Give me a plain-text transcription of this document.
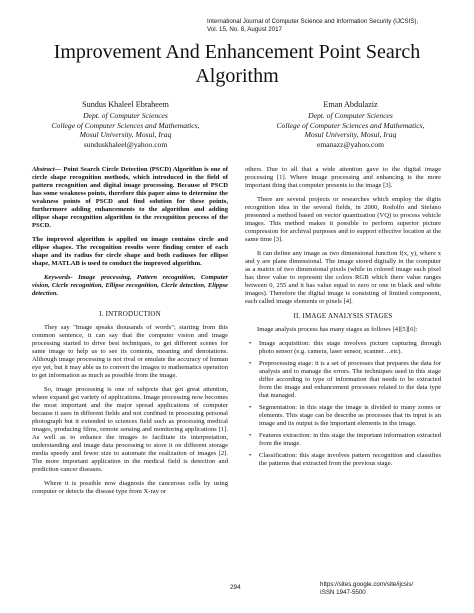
International Journal of Computer Science and Information Security (IJCSIS),
Vol. 15, No. 8, August 2017
Improvement And Enhancement Point Search
Algorithm
Sundus Khaleel Ebraheem
Dept. of Computer Sciences
College of Computer Sciences and Mathematics,
Mosul University, Mosul, Iraq
sunduskhaleel@yahoo.com
Eman Abdulaziz
Dept. of Computer Sciences
College of Computer Sciences and Mathematics,
Mosul University, Mosul, Iraq
emanazz@yahoo.com

Abstract— Point Search Circle Detection (PSCD) Algorithm is one of circle shape recognition methods, which introduced in the field of pattern recognition and digital image processing. Because of PSCD has some weakness points, therefore this paper aims to determine the weakness points of PSCD and find solution for these points, furthermore adding enhancements to the algorithm and adding ellipse shape recognition algorithm to the recognition process of the PSCD.

The improved algorithm is applied on image contains circle and ellipse shapes. The recognition results were finding center of each shape and its radius for circle shape and both radiuses for ellipse shape, MATLAB is used to conduct the improved algorithm.

Keywords- Image processing, Pattern recognition, Computer vision, Cicrle recognition, Ellipse recognition, Cicrle detection, Elippse detection.

I. INTRODUCTION

They say "Image speaks thousands of words"; starting from this common sentence, it can say that the computer vision and image processing started to drive best techniques, to get different scenes for same image to help us to see its contents, meaning and denotations. Although image processing is not rival or emulate the accuracy of human eye yet, but it may able us to convert the images to mathematics operation to get information as much as possible from the image.

So, image processing is one of subjects that got great attention, where expand got variety of applications. Image processing now becomes the most important and the major spread applications of computer because it uses in different fields and not confined in processing personal photograph but it extended to sciences field such as processing medical images, producing films, remote sensing and monitoring applications [1]. As well as to enhance the images to facilitate its interpretation, understanding and image data processing to store it on different storage media speedy and fewer size to automate the realization of images [2]. The more important application in the medical field is detection and prediction cancer diseases.

Where it is possible now diagnosis the cancerous cells by using computer or detects the disease type from X-ray or

others. Due to all that a wide attention gave to the digital image processing [1]. Where image processing and enhancing is the more important thing that computer presents to the image [3].

There are several projects or researches which employ the digits recognition idea in the several fields, in 2000, Rodolfo and Stefano presented a method based on vector quantization (VQ) to process vehicle images. This method makes it possible to perform superior picture compression for archival purposes and to support effective location at the same time [3].

It can define any image as two dimensional function f(x, y), where x and y are plane dimensional. The image stored digitally in the computer as a matrix of two dimensional pixels (while in colored image each pixel has three value to represent the colors RGB which there value ranges between 0, 255 and it has value equal to zero or one in black and white images). Therefore the digital image is consisting of limited component, each called image elements or pixels [4].

II. IMAGE ANALYSIS STAGES

Image analysis process has many stages as follows [4][5][6]:

• Image acquisition: this stage involves picture capturing through photo sensor (e.g. camera, laser sensor, scanner…etc).
• Preprocessing stage: it is a set of processes that prepares the data for analysis and to manage the errors. The techniques used in this stage differ according to type of information that needs to be extracted from the image and enhancement processes related to the data type that managed.
• Segmentation: in this stage the image is divided to many zones or elements. This stage can be describe as processes that its input is an image and its output is the important elements in the image.
• Features extraction: in this stage the important information extracted from the image.
• Classification: this stage involves pattern recognition and classifies the patterns that extracted from the previous stage.
294	https://sites.google.com/site/ijcsis/
ISSN 1947-5500
